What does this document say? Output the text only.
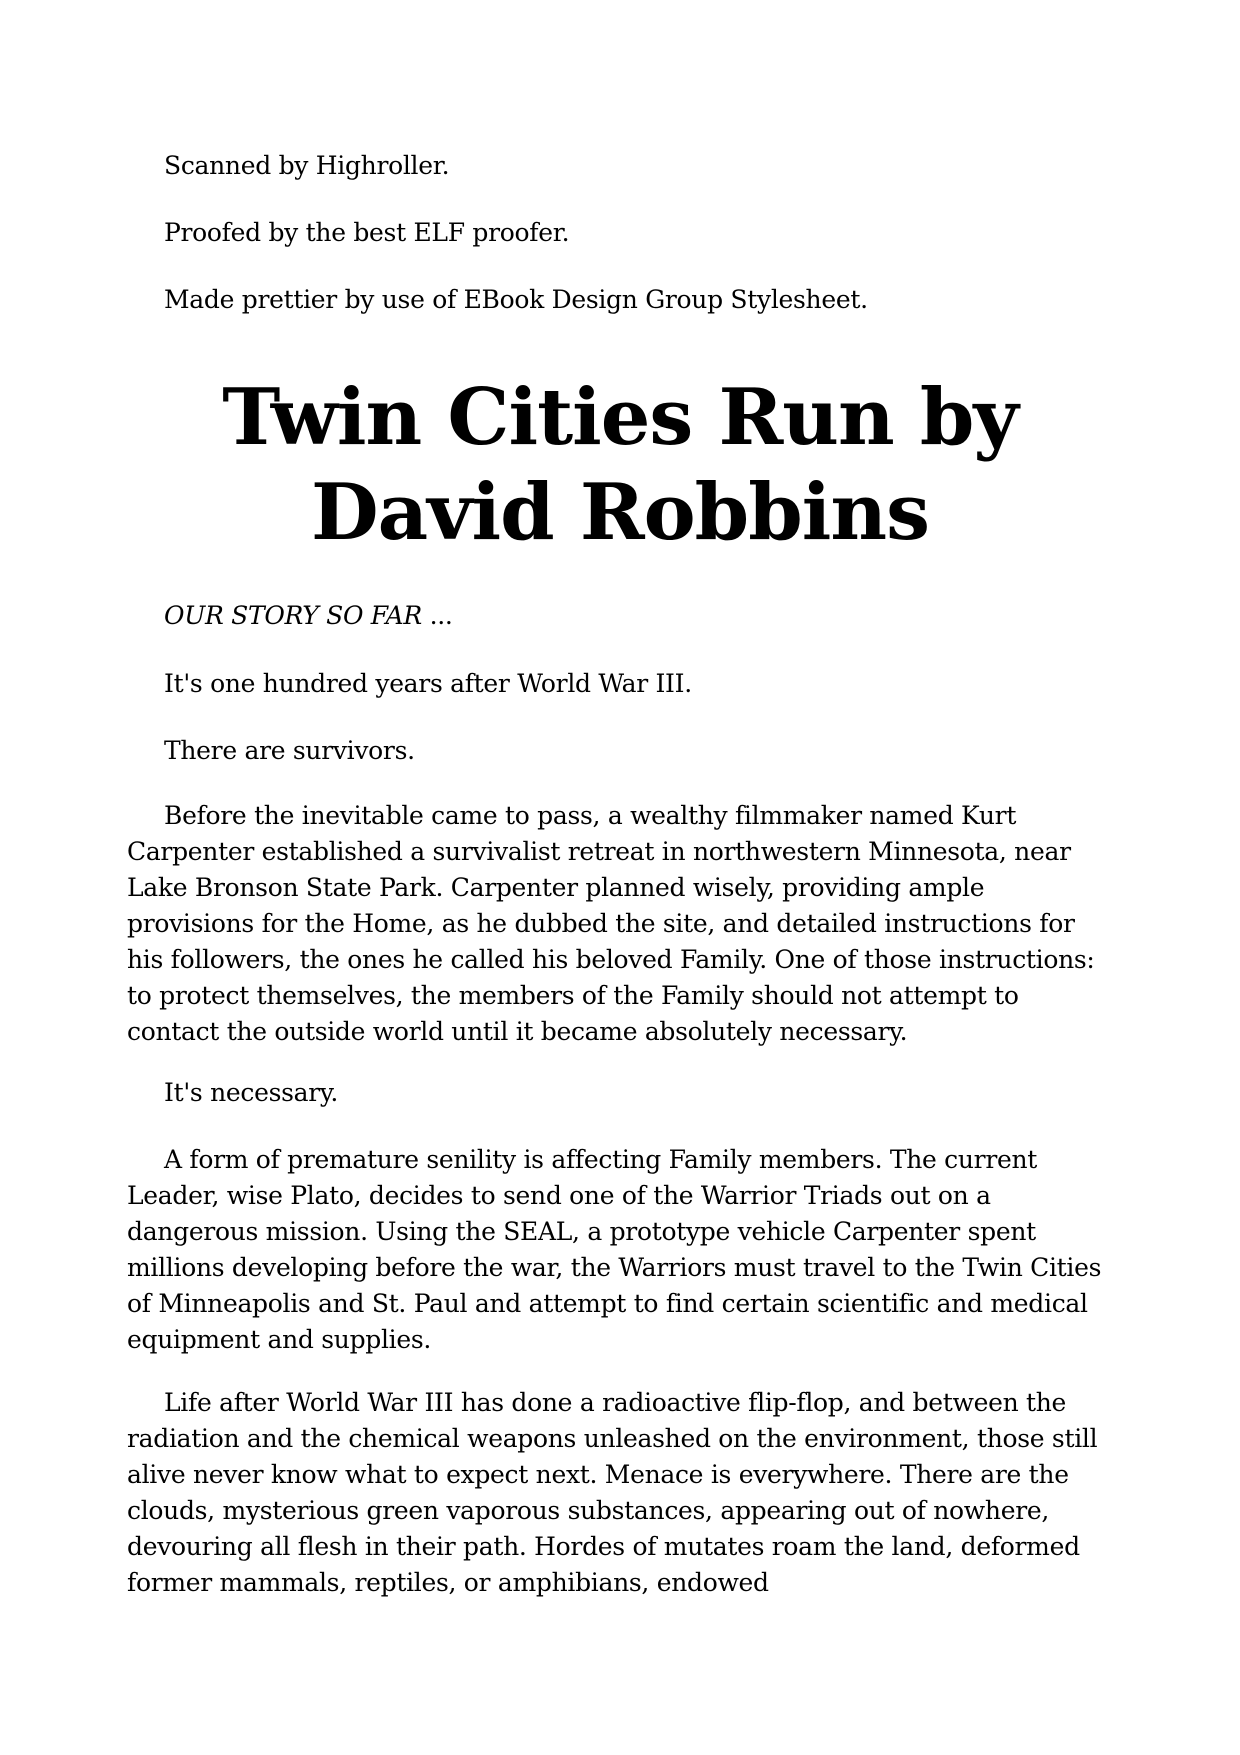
Scanned by Highroller.

Proofed by the best ELF proofer.

Made prettier by use of EBook Design Group Stylesheet.

Twin Cities Run by
David Robbins

OUR STORY SO FAR ...

It's one hundred years after World War III.

There are survivors.

Before the inevitable came to pass, a wealthy filmmaker named Kurt Carpenter established a survivalist retreat in northwestern Minnesota, near Lake Bronson State Park. Carpenter planned wisely, providing ample provisions for the Home, as he dubbed the site, and detailed instructions for his followers, the ones he called his beloved Family. One of those instructions: to protect themselves, the members of the Family should not attempt to contact the outside world until it became absolutely necessary.

It's necessary.

A form of premature senility is affecting Family members. The current Leader, wise Plato, decides to send one of the Warrior Triads out on a dangerous mission. Using the SEAL, a prototype vehicle Carpenter spent millions developing before the war, the Warriors must travel to the Twin Cities of Minneapolis and St. Paul and attempt to find certain scientific and medical equipment and supplies.

Life after World War III has done a radioactive flip-flop, and between the radiation and the chemical weapons unleashed on the environment, those still alive never know what to expect next. Menace is everywhere. There are the clouds, mysterious green vaporous substances, appearing out of nowhere, devouring all flesh in their path. Hordes of mutates roam the land, deformed former mammals, reptiles, or amphibians, endowed
